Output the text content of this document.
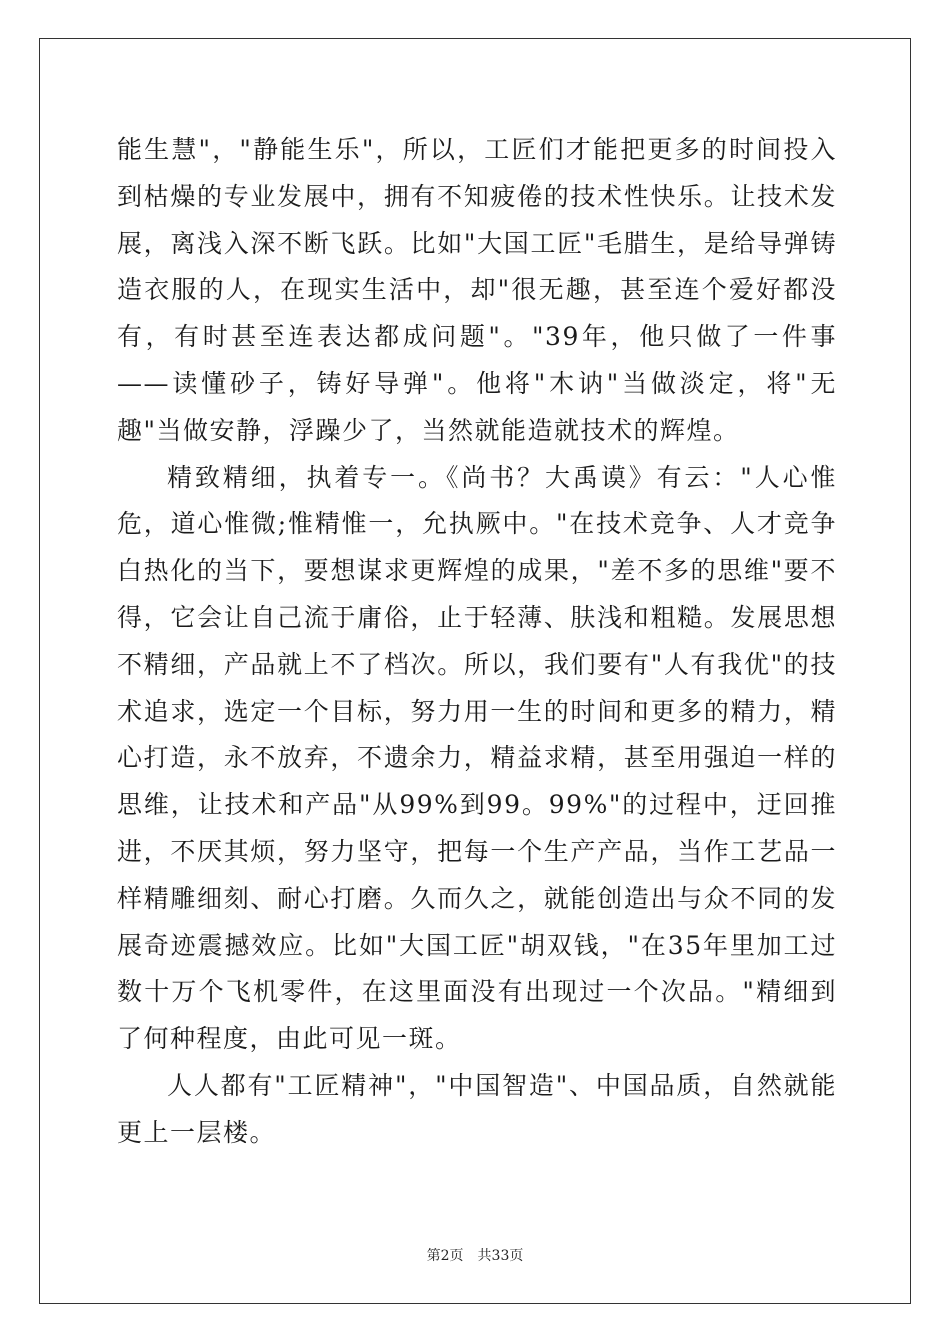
能生慧"，"静能生乐"，所以，工匠们才能把更多的时间投入到枯燥的专业发展中，拥有不知疲倦的技术性快乐。让技术发展，离浅入深不断飞跃。比如"大国工匠"毛腊生，是给导弹铸造衣服的人，在现实生活中，却"很无趣，甚至连个爱好都没有，有时甚至连表达都成问题"。"39年，他只做了一件事——读懂砂子，铸好导弹"。他将"木讷"当做淡定，将"无趣"当做安静，浮躁少了，当然就能造就技术的辉煌。

精致精细，执着专一。《尚书？大禹谟》有云："人心惟危，道心惟微;惟精惟一，允执厥中。"在技术竞争、人才竞争白热化的当下，要想谋求更辉煌的成果，"差不多的思维"要不得，它会让自己流于庸俗，止于轻薄、肤浅和粗糙。发展思想不精细，产品就上不了档次。所以，我们要有"人有我优"的技术追求，选定一个目标，努力用一生的时间和更多的精力，精心打造，永不放弃，不遗余力，精益求精，甚至用强迫一样的思维，让技术和产品"从99%到99。99%"的过程中，迂回推进，不厌其烦，努力坚守，把每一个生产产品，当作工艺品一样精雕细刻、耐心打磨。久而久之，就能创造出与众不同的发展奇迹震撼效应。比如"大国工匠"胡双钱，"在35年里加工过数十万个飞机零件，在这里面没有出现过一个次品。"精细到了何种程度，由此可见一斑。

人人都有"工匠精神"，"中国智造"、中国品质，自然就能更上一层楼。

第2页 共33页
